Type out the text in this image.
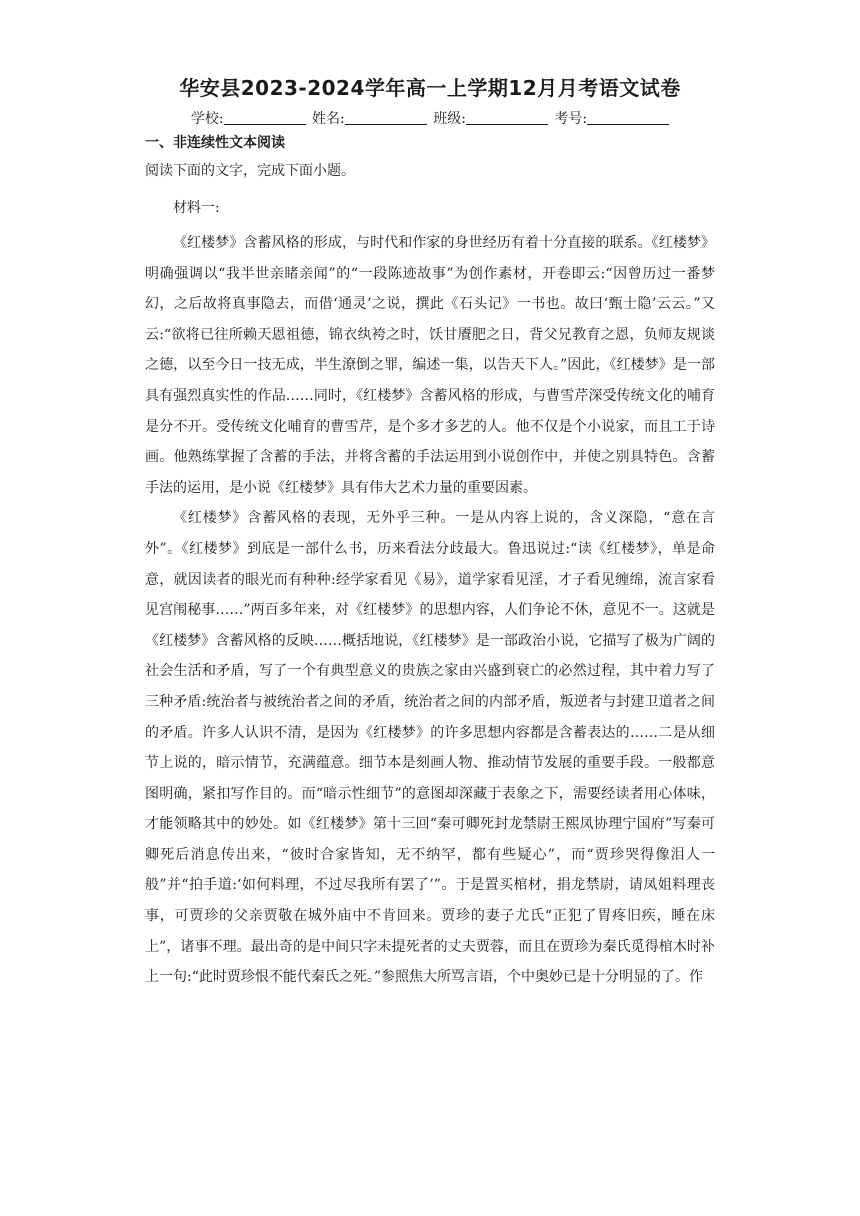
华安县2023-2024学年高一上学期12月月考语文试卷
学校:	姓名:	班级:	考号:
一、非连续性文本阅读
阅读下面的文字，完成下面小题。
材料一:

《红楼梦》含蓄风格的形成，与时代和作家的身世经历有着十分直接的联系。《红楼梦》明确强调以“我半世亲睹亲闻”的“一段陈迹故事”为创作素材，开卷即云:“因曾历过一番梦幻，之后故将真事隐去，而借‘通灵’之说，撰此《石头记》一书也。故曰‘甄士隐’云云。”又云:“欲将已往所赖天恩祖德，锦衣纨袴之时，饫甘餍肥之日，背父兄教育之恩，负师友规谈之德，以至今日一技无成，半生潦倒之罪，编述一集，以告天下人。”因此，《红楼梦》是一部具有强烈真实性的作品……同时，《红楼梦》含蓄风格的形成，与曹雪芹深受传统文化的哺育是分不开。受传统文化哺育的曹雪芹，是个多才多艺的人。他不仅是个小说家，而且工于诗画。他熟练掌握了含蓄的手法，并将含蓄的手法运用到小说创作中，并使之别具特色。含蓄手法的运用，是小说《红楼梦》具有伟大艺术力量的重要因素。

《红楼梦》含蓄风格的表现，无外乎三种。一是从内容上说的，含义深隐，“意在言外”。《红楼梦》到底是一部什么书，历来看法分歧最大。鲁迅说过:“读《红楼梦》，单是命意，就因读者的眼光而有种种:经学家看见《易》，道学家看见淫，才子看见缠绵，流言家看见宫闱秘事……”两百多年来，对《红楼梦》的思想内容，人们争论不休，意见不一。这就是《红楼梦》含蓄风格的反映……概括地说，《红楼梦》是一部政治小说，它描写了极为广阔的社会生活和矛盾，写了一个有典型意义的贵族之家由兴盛到衰亡的必然过程，其中着力写了三种矛盾:统治者与被统治者之间的矛盾，统治者之间的内部矛盾，叛逆者与封建卫道者之间的矛盾。许多人认识不清，是因为《红楼梦》的许多思想内容都是含蓄表达的……二是从细节上说的，暗示情节，充满蕴意。细节本是刻画人物、推动情节发展的重要手段。一般都意图明确，紧扣写作目的。而“暗示性细节”的意图却深藏于表象之下，需要经读者用心体味，才能领略其中的妙处。如《红楼梦》第十三回“秦可卿死封龙禁尉王熙凤协理宁国府”写秦可卿死后消息传出来，“彼时合家皆知，无不纳罕，都有些疑心”，而“贾珍哭得像泪人一般”并“拍手道:‘如何料理，不过尽我所有罢了’”。于是置买棺材，捐龙禁尉，请凤姐料理丧事，可贾珍的父亲贾敬在城外庙中不肯回来。贾珍的妻子尤氏“正犯了胃疼旧疾，睡在床上”，诸事不理。最出奇的是中间只字未提死者的丈夫贾蓉，而且在贾珍为秦氏觅得棺木时补上一句:“此时贾珍恨不能代秦氏之死。”参照焦大所骂言语，个中奥妙已是十分明显的了。作
